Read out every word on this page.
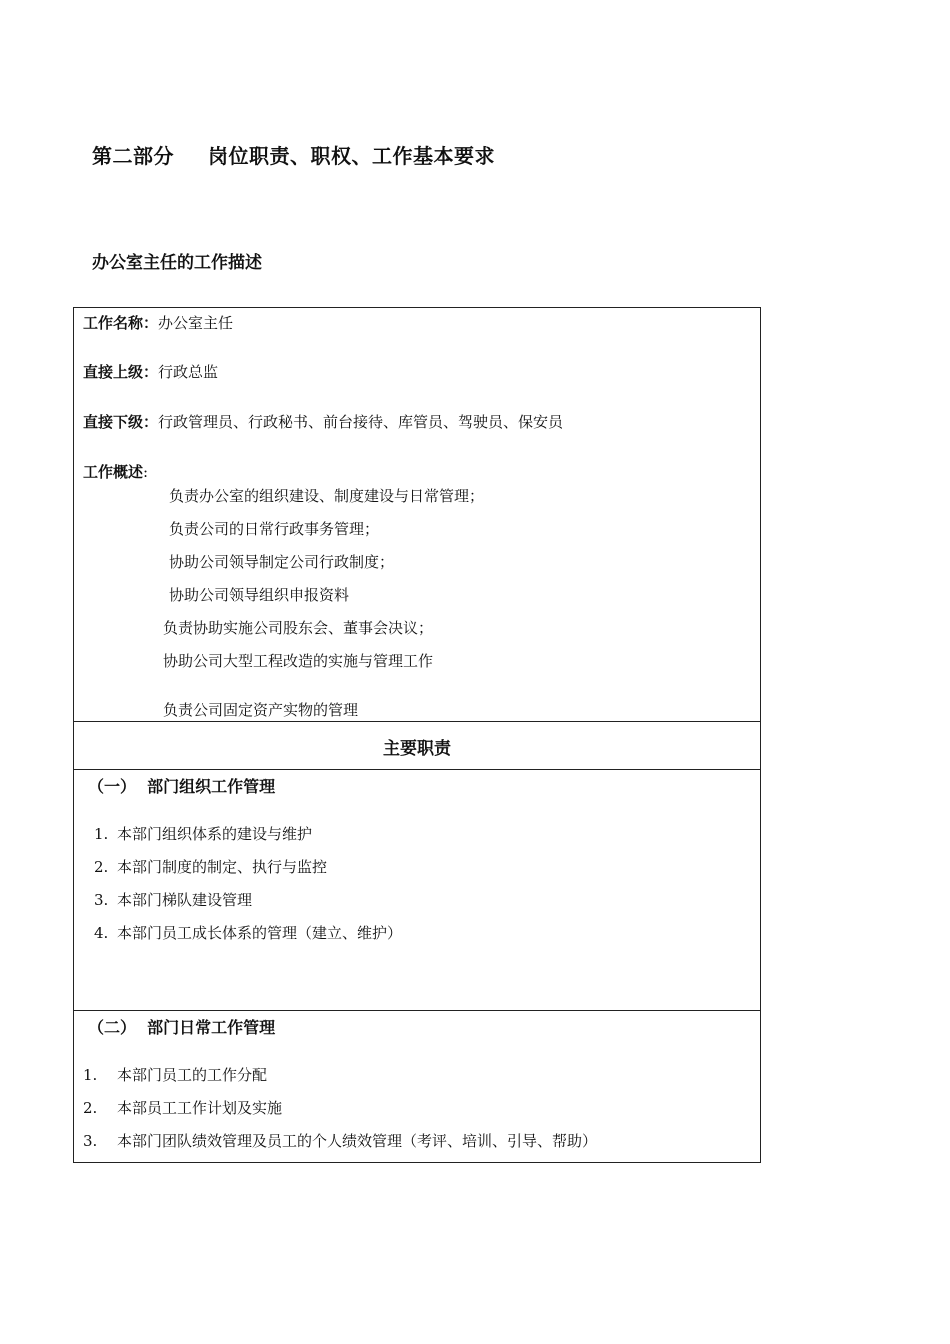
第二部分 岗位职责、职权、工作基本要求
办公室主任的工作描述
工作名称：办公室主任
直接上级：行政总监
直接下级：行政管理员、行政秘书、前台接待、库管员、驾驶员、保安员
工作概述:
负责办公室的组织建设、制度建设与日常管理；
负责公司的日常行政事务管理；
协助公司领导制定公司行政制度；
协助公司领导组织申报资料
负责协助实施公司股东会、董事会决议；
协助公司大型工程改造的实施与管理工作
负责公司固定资产实物的管理
主要职责
（一）  部门组织工作管理
1. 本部门组织体系的建设与维护
2. 本部门制度的制定、执行与监控
3. 本部门梯队建设管理
4. 本部门员工成长体系的管理（建立、维护）
（二）  部门日常工作管理
1. 本部门员工的工作分配
2. 本部员工工作计划及实施
3. 本部门团队绩效管理及员工的个人绩效管理（考评、培训、引导、帮助）
